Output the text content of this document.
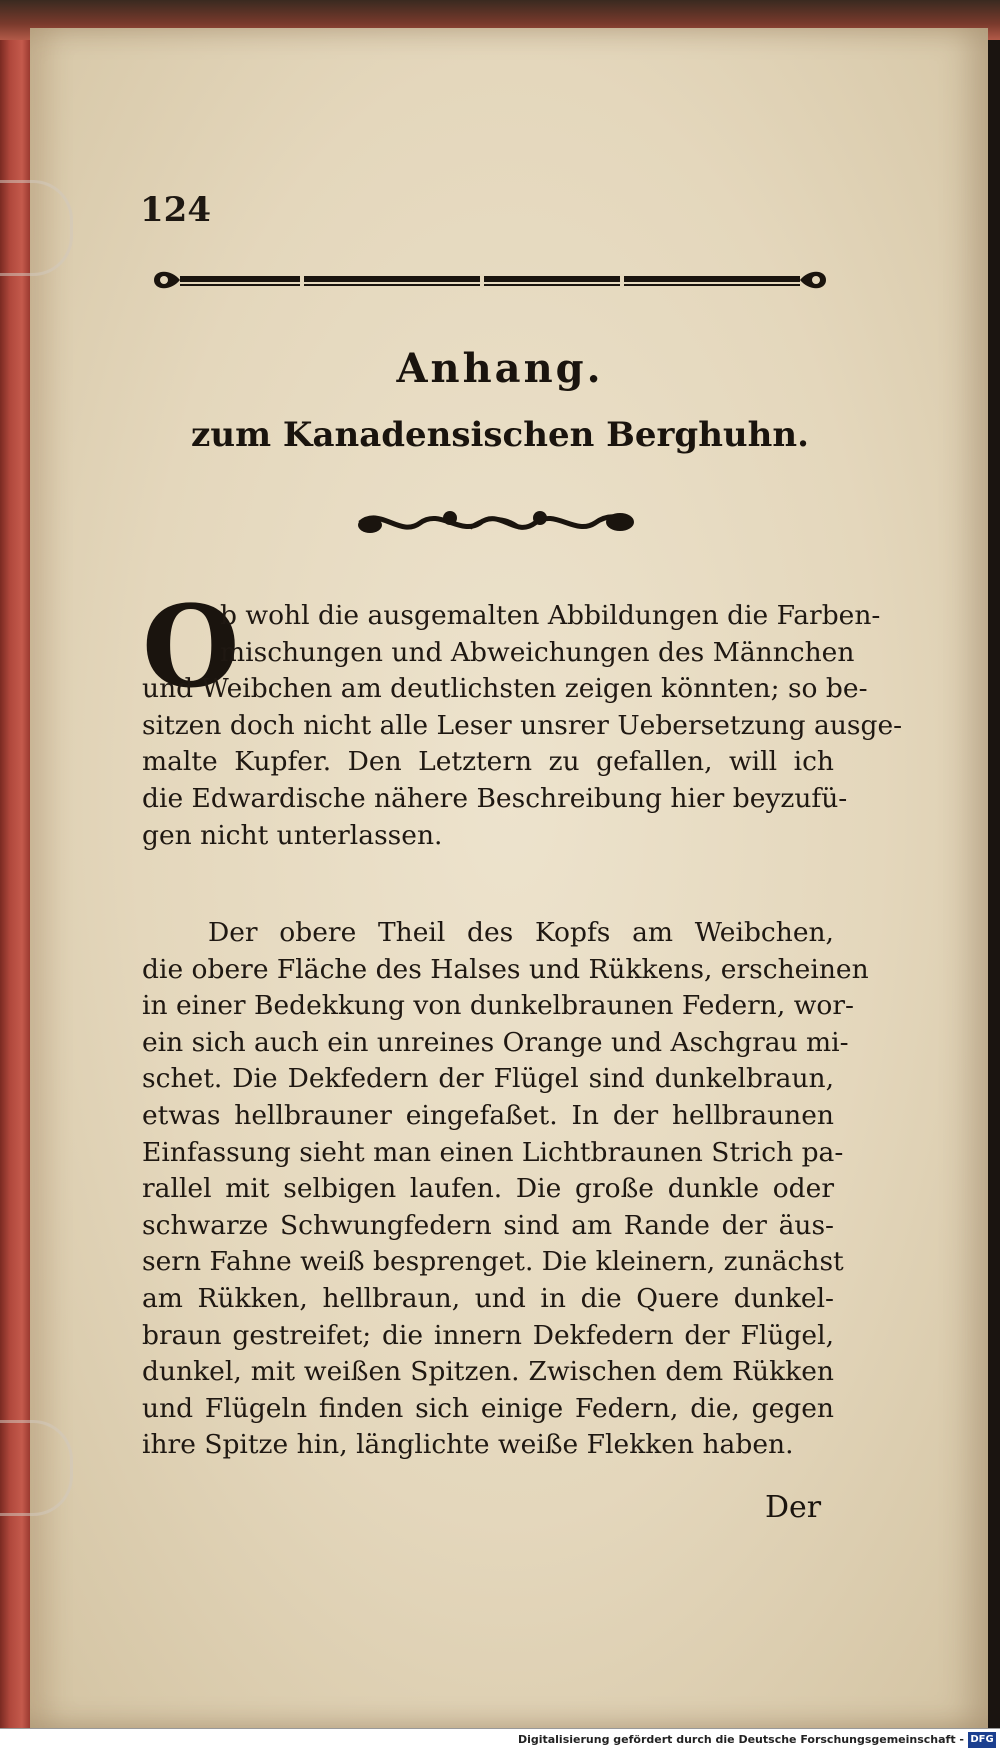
124
Anhang.
zum Kanadensischen Berghuhn.
O
b wohl die ausgemalten Abbildungen die Farben-
mischungen und Abweichungen des Männchen
und Weibchen am deutlichsten zeigen könnten; so be-
sitzen doch nicht alle Leser unsrer Uebersetzung ausge-
malte Kupfer. Den Letztern zu gefallen, will ich
die Edwardische nähere Beschreibung hier beyzufü-
gen nicht unterlassen.
Der obere Theil des Kopfs am Weibchen,
die obere Fläche des Halses und Rükkens, erscheinen
in einer Bedekkung von dunkelbraunen Federn, wor-
ein sich auch ein unreines Orange und Aschgrau mi-
schet. Die Dekfedern der Flügel sind dunkelbraun,
etwas hellbrauner eingefaßet. In der hellbraunen
Einfassung sieht man einen Lichtbraunen Strich pa-
rallel mit selbigen laufen. Die große dunkle oder
schwarze Schwungfedern sind am Rande der äus-
sern Fahne weiß besprenget. Die kleinern, zunächst
am Rükken, hellbraun, und in die Quere dunkel-
braun gestreifet; die innern Dekfedern der Flügel,
dunkel, mit weißen Spitzen. Zwischen dem Rükken
und Flügeln finden sich einige Federn, die, gegen
ihre Spitze hin, länglichte weiße Flekken haben.
Der
Digitalisierung gefördert durch die Deutsche Forschungsgemeinschaft - DFG
